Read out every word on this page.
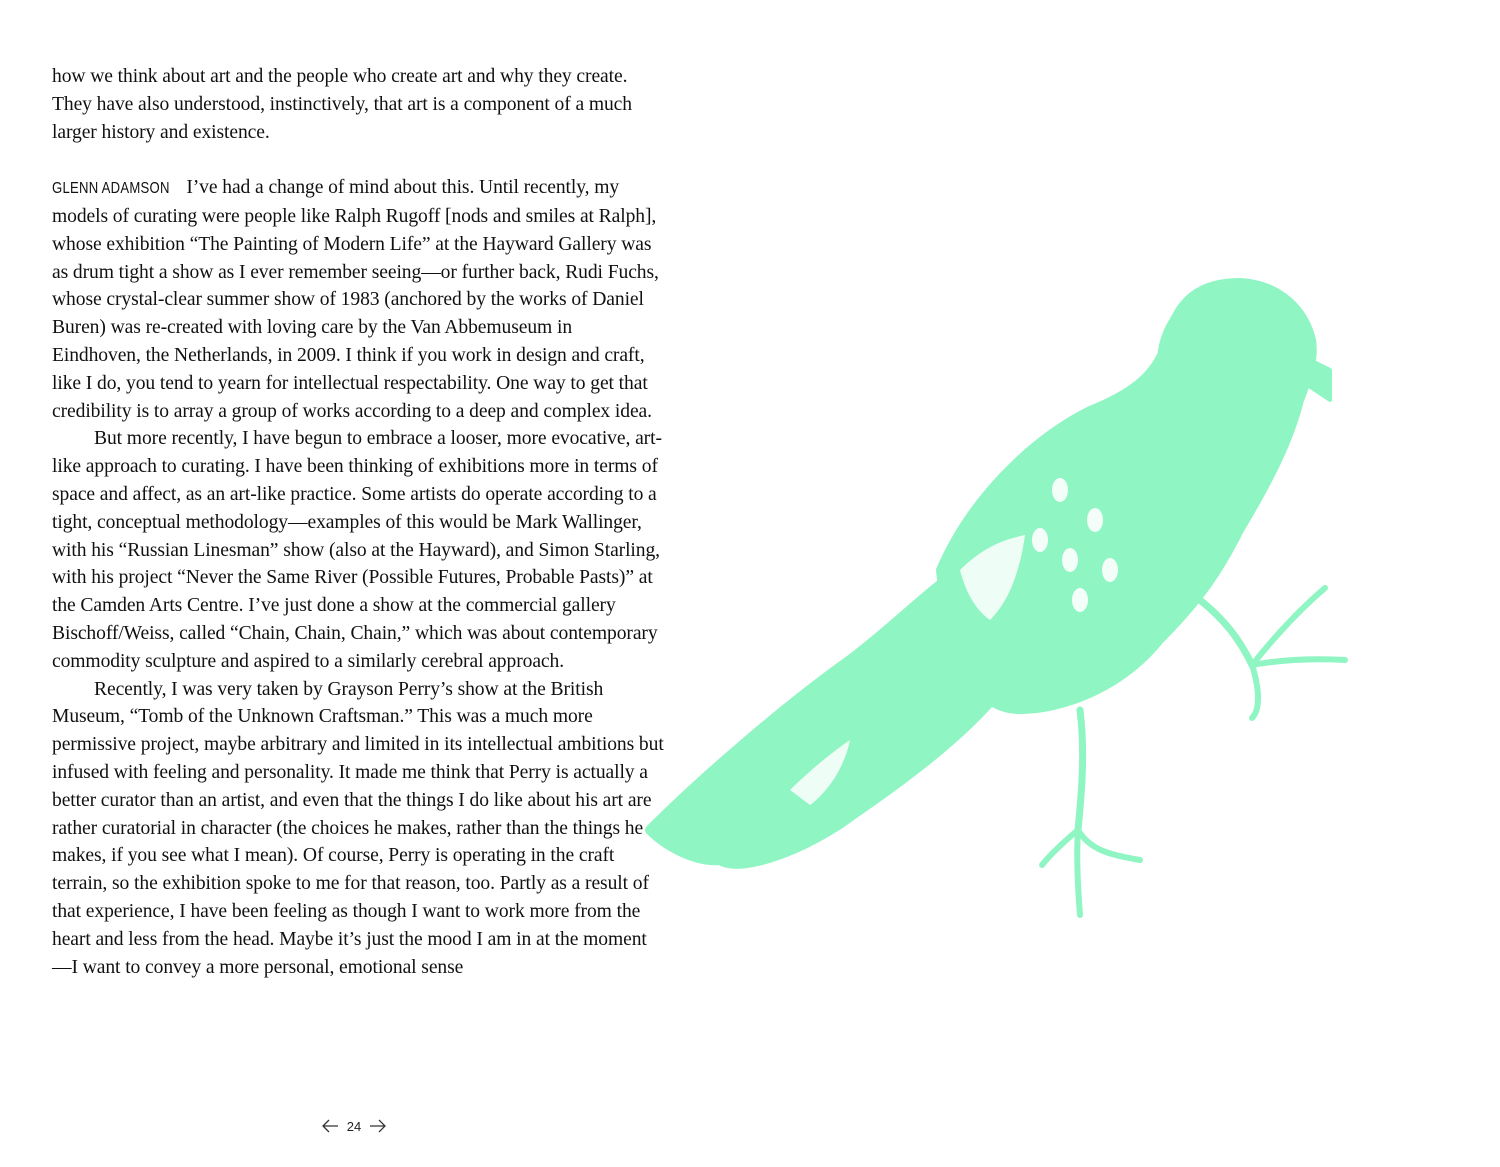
how we think about art and the people who create art and why they create. They have also understood, instinctively, that art is a component of a much larger history and existence.

GLENN ADAMSON I’ve had a change of mind about this. Until recently, my models of curating were people like Ralph Rugoff [nods and smiles at Ralph], whose exhibition “The Painting of Modern Life” at the Hayward Gallery was as drum tight a show as I ever remember seeing—or further back, Rudi Fuchs, whose crystal-clear summer show of 1983 (anchored by the works of Daniel Buren) was re-created with loving care by the Van Abbemuseum in Eindhoven, the Netherlands, in 2009. I think if you work in design and craft, like I do, you tend to yearn for intellectual respectability. One way to get that credibility is to array a group of works according to a deep and complex idea.

But more recently, I have begun to embrace a looser, more evocative, art-like approach to curating. I have been thinking of exhibitions more in terms of space and affect, as an art-like practice. Some artists do operate according to a tight, conceptual methodology—examples of this would be Mark Wallinger, with his “Russian Linesman” show (also at the Hayward), and Simon Starling, with his project “Never the Same River (Possible Futures, Probable Pasts)” at the Camden Arts Centre. I’ve just done a show at the commercial gallery Bischoff/Weiss, called “Chain, Chain, Chain,” which was about contemporary commodity sculpture and aspired to a similarly cerebral approach.

Recently, I was very taken by Grayson Perry’s show at the British Museum, “Tomb of the Unknown Craftsman.” This was a much more permissive project, maybe arbitrary and limited in its intellectual ambitions but infused with feeling and personality. It made me think that Perry is actually a better curator than an artist, and even that the things I do like about his art are rather curatorial in character (the choices he makes, rather than the things he makes, if you see what I mean). Of course, Perry is operating in the craft terrain, so the exhibition spoke to me for that reason, too. Partly as a result of that experience, I have been feeling as though I want to work more from the heart and less from the head. Maybe it’s just the mood I am in at the moment—I want to convey a more personal, emotional sense

24
